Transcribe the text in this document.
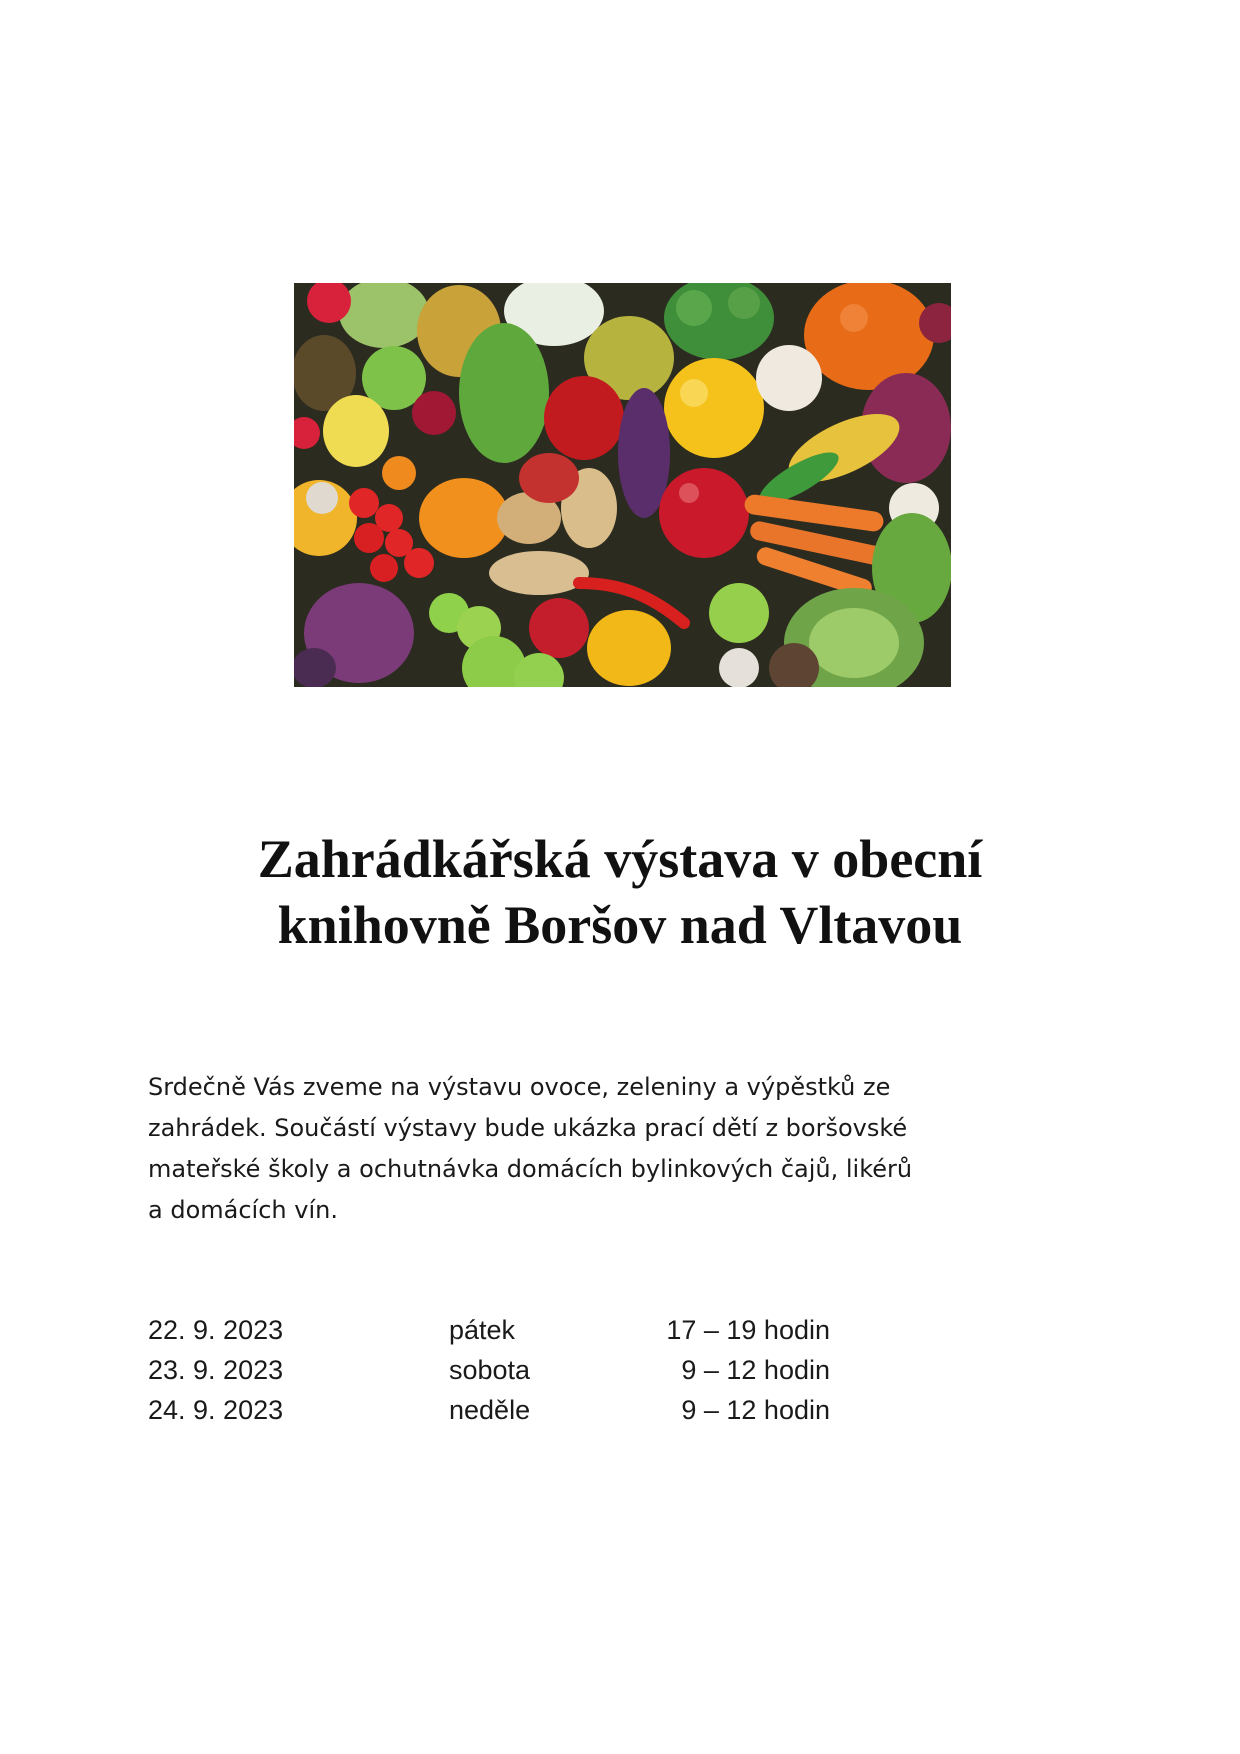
Zahrádkářská výstava v obecní
knihovně Boršov nad Vltavou

Srdečně Vás zveme na výstavu ovoce, zeleniny a výpěstků ze
zahrádek. Součástí výstavy bude ukázka prací dětí z boršovské
mateřské školy a ochutnávka domácích bylinkových čajů, likérů
a domácích vín.

22. 9. 2023	pátek	17 – 19 hodin
23. 9. 2023	sobota	9 – 12 hodin
24. 9. 2023	neděle	9 – 12 hodin
